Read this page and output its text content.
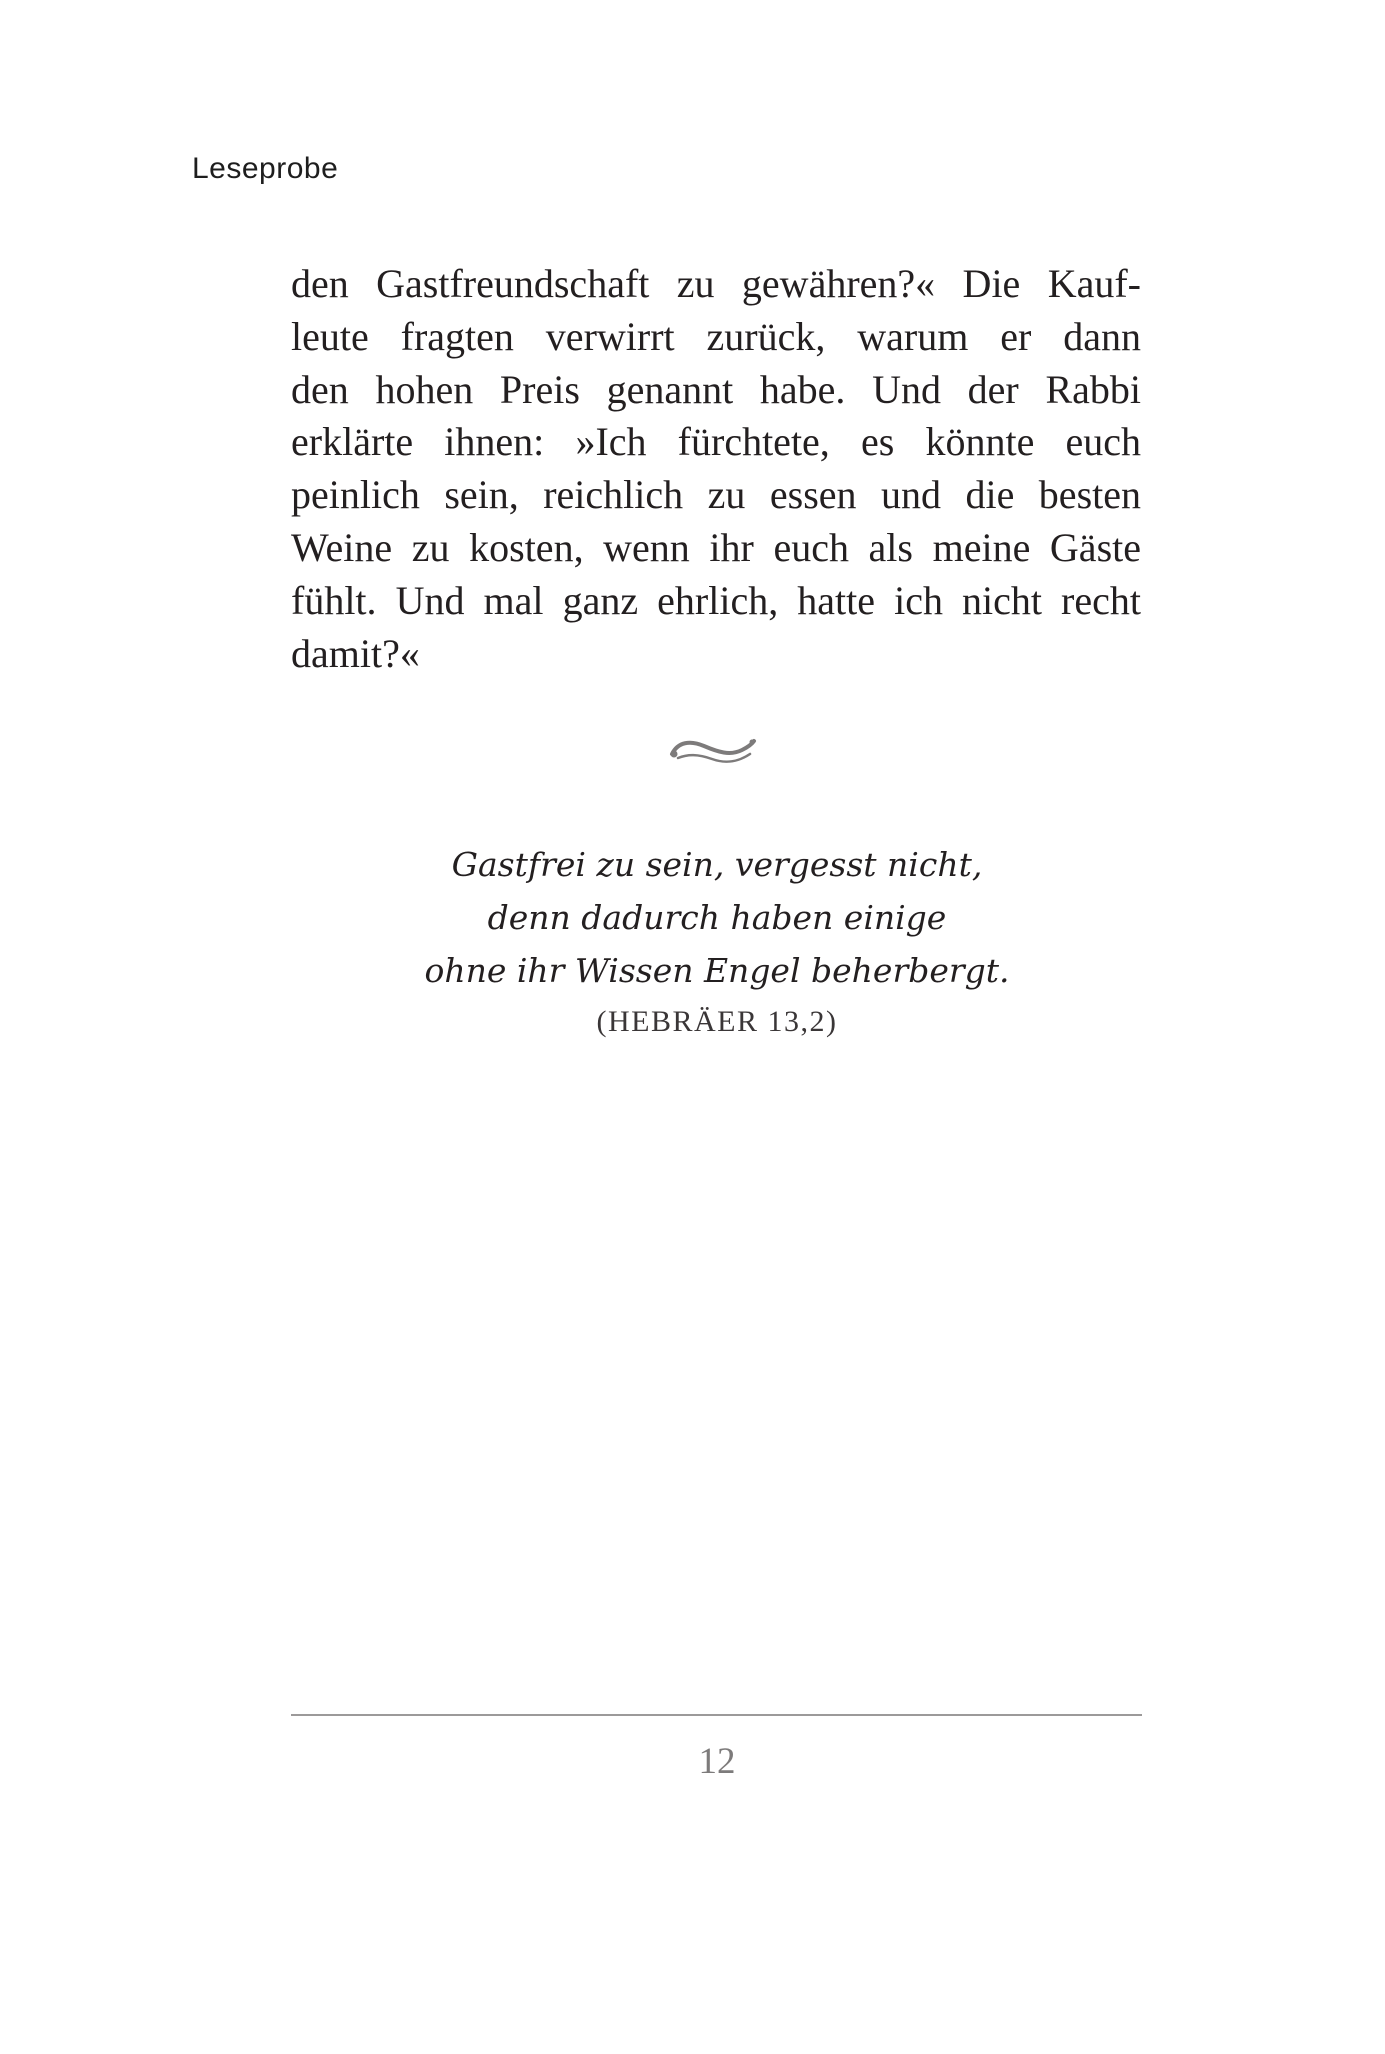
Leseprobe
den Gastfreundschaft zu gewähren?« Die Kauf-
leute fragten verwirrt zurück, warum er dann
den hohen Preis genannt habe. Und der Rabbi
erklärte ihnen: »Ich fürchtete, es könnte euch
peinlich sein, reichlich zu essen und die besten
Weine zu kosten, wenn ihr euch als meine Gäste
fühlt. Und mal ganz ehrlich, hatte ich nicht recht
damit?«
Gastfrei zu sein, vergesst nicht,
denn dadurch haben einige
ohne ihr Wissen Engel beherbergt.
(HEBRÄER 13,2)
12
